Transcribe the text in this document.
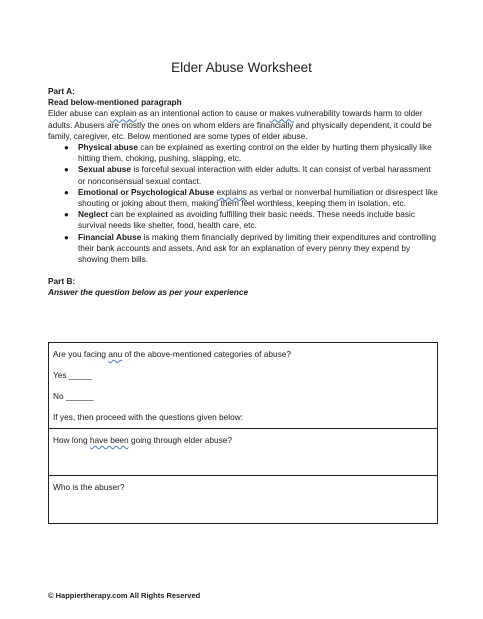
Elder Abuse Worksheet
Part A:
Read below-mentioned paragraph

Elder abuse can explain as an intentional action to cause or makes vulnerability towards harm to older adults. Abusers are mostly the ones on whom elders are financially and physically dependent, it could be family, caregiver, etc. Below mentioned are some types of elder abuse.

● Physical abuse can be explained as exerting control on the elder by hurting them physically like hitting them, choking, pushing, slapping, etc.
● Sexual abuse is forceful sexual interaction with elder adults. It can consist of verbal harassment or nonconsensual sexual contact.
● Emotional or Psychological Abuse explains as verbal or nonverbal humiliation or disrespect like shouting or joking about them, making them feel worthless, keeping them in isolation, etc.
● Neglect can be explained as avoiding fulfilling their basic needs. These needs include basic survival needs like shelter, food, health care, etc.
● Financial Abuse is making them financially deprived by limiting their expenditures and controlling their bank accounts and assets. And ask for an explanation of every penny they expend by showing them bills.
Part B:
Answer the question below as per your experience
Are you facing anu of the above-mentioned categories of abuse?
Yes _____
No ______
If yes, then proceed with the questions given below:

How long have been going through elder abuse?
Who is the abuser?
© Happiertherapy.com All Rights Reserved
